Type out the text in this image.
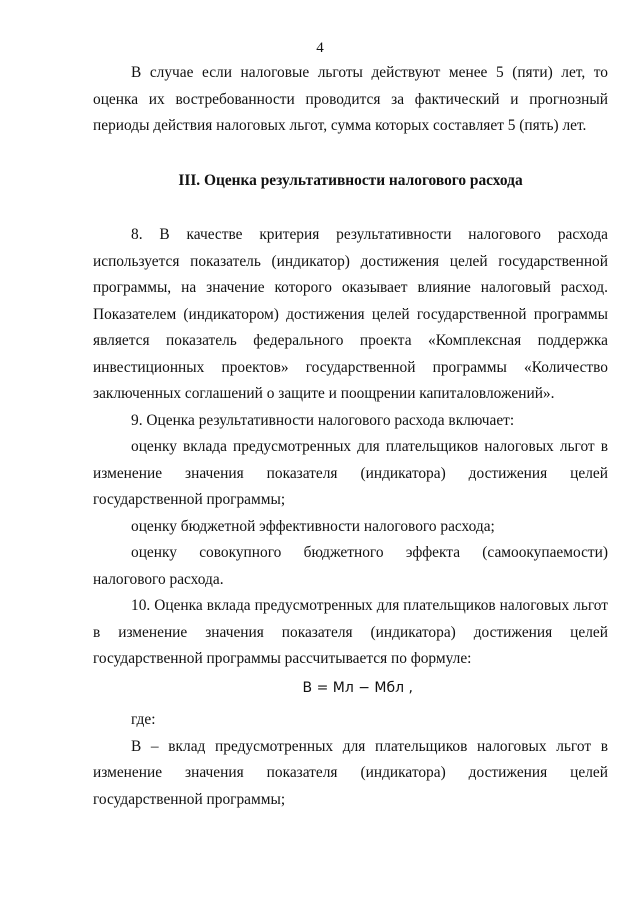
4

В случае если налоговые льготы действуют менее 5 (пяти) лет, то оценка их востребованности проводится за фактический и прогнозный периоды действия налоговых льгот, сумма которых составляет 5 (пять) лет.

III. Оценка результативности налогового расхода

8. В качестве критерия результативности налогового расхода используется показатель (индикатор) достижения целей государственной программы, на значение которого оказывает влияние налоговый расход. Показателем (индикатором) достижения целей государственной программы является показатель федерального проекта «Комплексная поддержка инвестиционных проектов» государственной программы «Количество заключенных соглашений о защите и поощрении капиталовложений».

9. Оценка результативности налогового расхода включает:

оценку вклада предусмотренных для плательщиков налоговых льгот в изменение значения показателя (индикатора) достижения целей государственной программы;

оценку бюджетной эффективности налогового расхода;

оценку совокупного бюджетного эффекта (самоокупаемости) налогового расхода.

10. Оценка вклада предусмотренных для плательщиков налоговых льгот в изменение значения показателя (индикатора) достижения целей государственной программы рассчитывается по формуле:

B = Mл − Mбл ,

где:

B – вклад предусмотренных для плательщиков налоговых льгот в изменение значения показателя (индикатора) достижения целей государственной программы;
